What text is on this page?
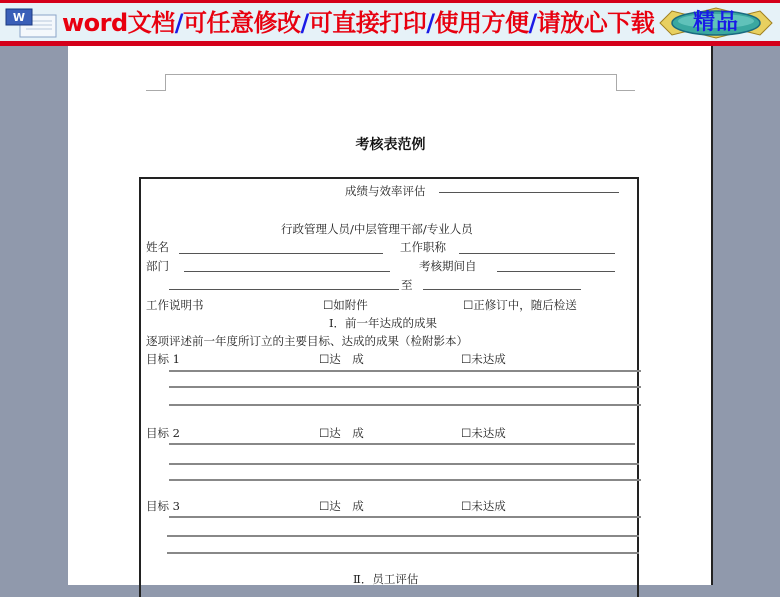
W word文档/可任意修改/可直接打印/使用方便/请放心下载	精品
考核表范例
成绩与效率评估
行政管理人员/中层管理干部/专业人员
姓名	工作职称
部门	考核期间自
至
工作说明书	☐如附件	☐正修订中，随后检送
Ⅰ．前一年达成的成果
逐项评述前一年度所订立的主要目标、达成的成果（检附影本）
目标 1	☐达　成	☐未达成
目标 2	☐达　成	☐未达成
目标 3	☐达　成	☐未达成
Ⅱ．员工评估
